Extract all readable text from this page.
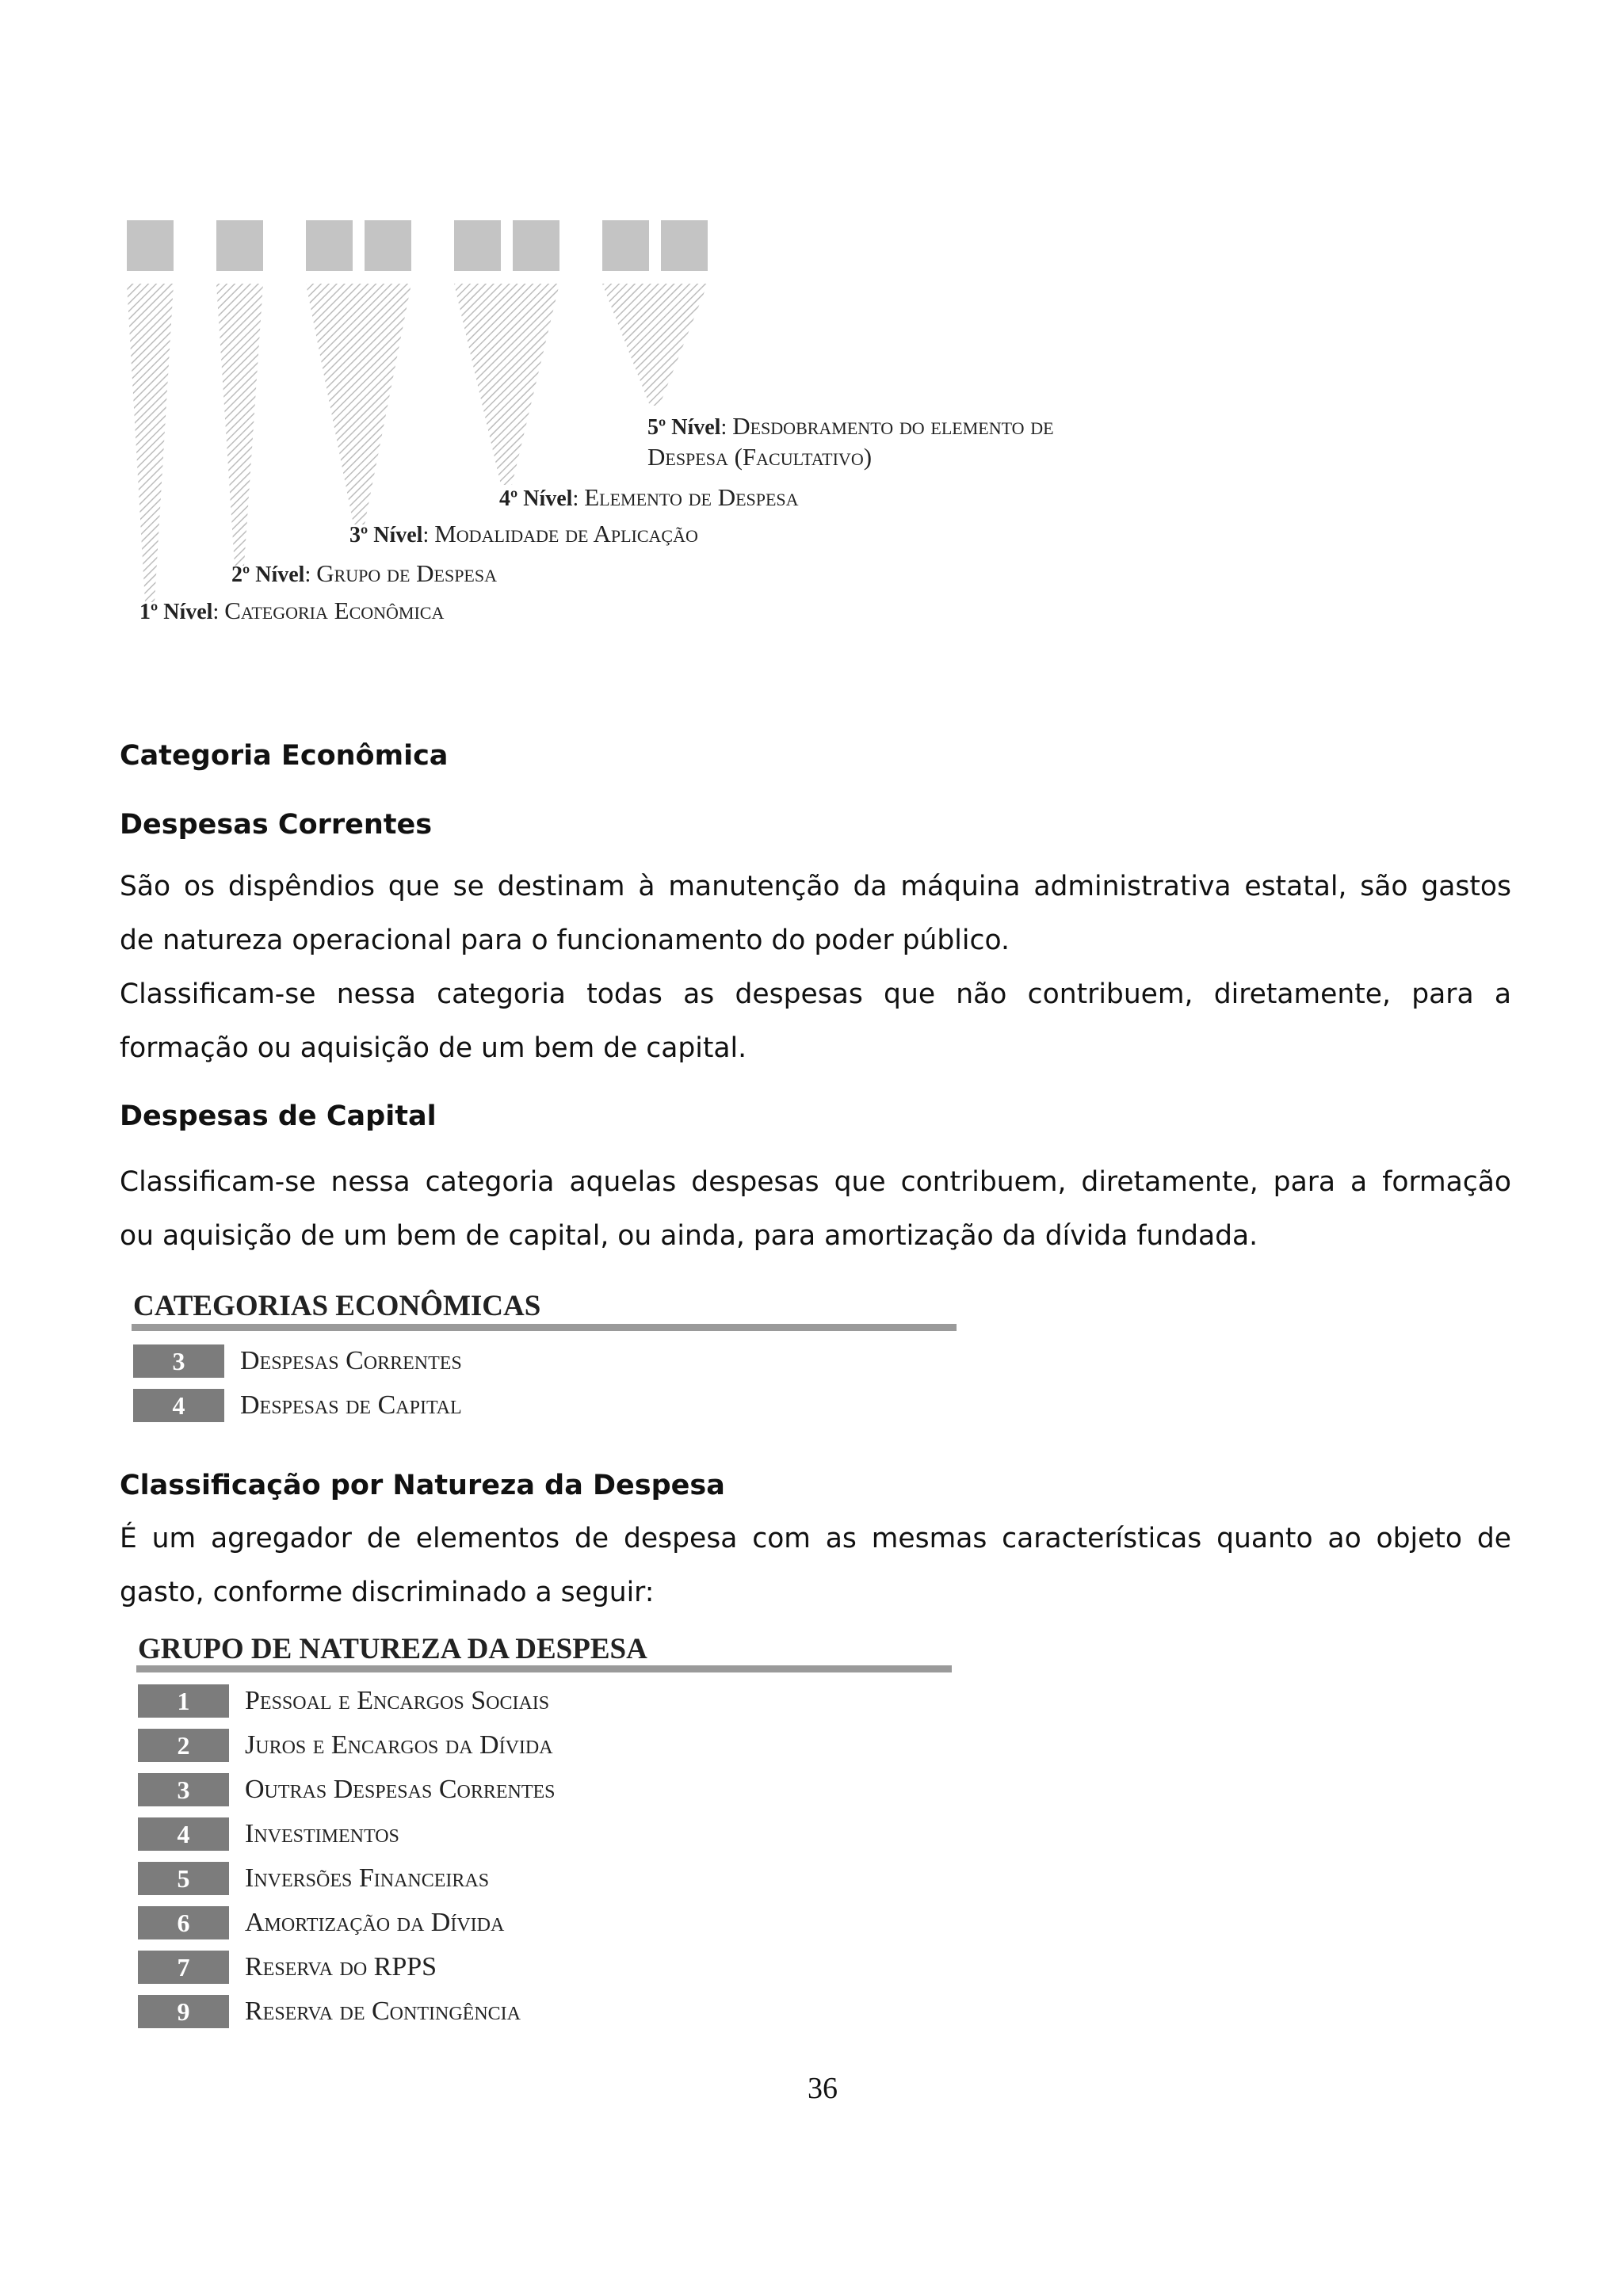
5º Nível: Desdobramento do elemento de
Despesa (Facultativo)
4º Nível: Elemento de Despesa
3º Nível: Modalidade de Aplicação
2º Nível: Grupo de Despesa
1º Nível: Categoria Econômica
Categoria Econômica
Despesas Correntes
São os dispêndios que se destinam à manutenção da máquina administrativa estatal, são gastos
de natureza operacional para o funcionamento do poder público.
Classificam-se nessa categoria todas as despesas que não contribuem, diretamente, para a
formação ou aquisição de um bem de capital.
Despesas de Capital
Classificam-se nessa categoria aquelas despesas que contribuem, diretamente, para a formação
ou aquisição de um bem de capital, ou ainda, para amortização da dívida fundada.
CATEGORIAS ECONÔMICAS
3	Despesas Correntes
4	Despesas de Capital
Classificação por Natureza da Despesa
É um agregador de elementos de despesa com as mesmas características quanto ao objeto de
gasto, conforme discriminado a seguir:
GRUPO DE NATUREZA DA DESPESA
1	Pessoal e Encargos Sociais
2	Juros e Encargos da Dívida
3	Outras Despesas Correntes
4	Investimentos
5	Inversões Financeiras
6	Amortização da Dívida
7	Reserva do RPPS
9	Reserva de Contingência
36
